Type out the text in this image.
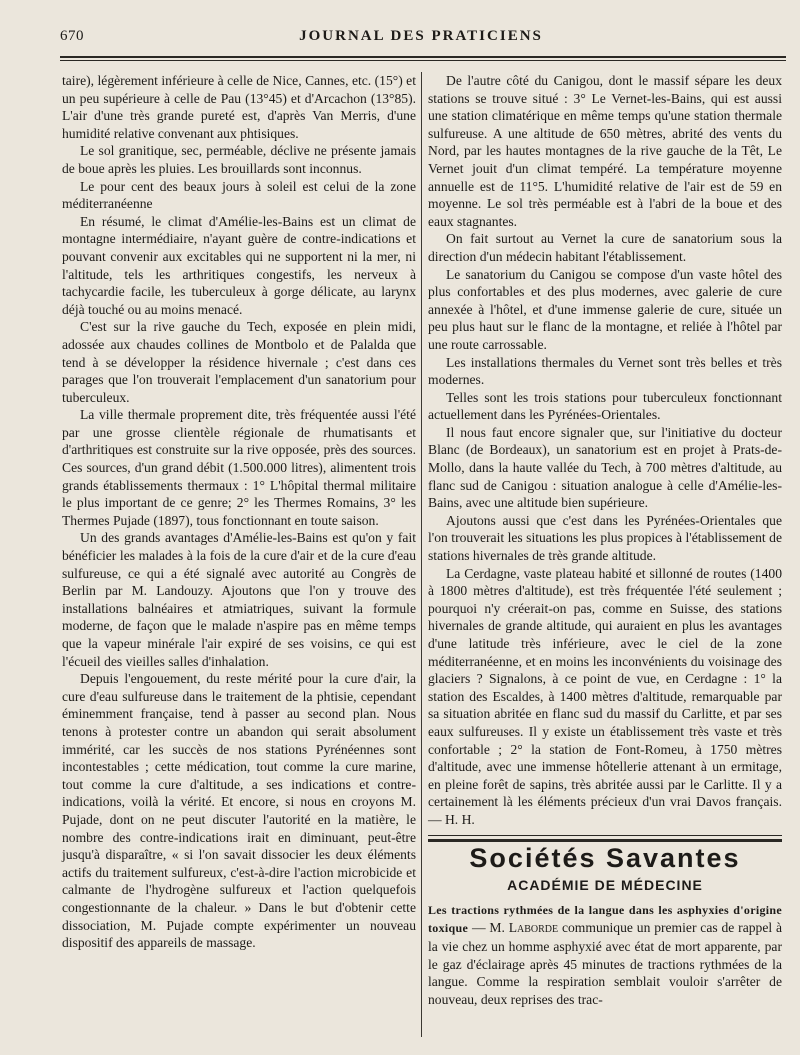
670	JOURNAL DES PRATICIENS

taire), légèrement inférieure à celle de Nice, Cannes, etc. (15°) et un peu supérieure à celle de Pau (13°45) et d'Arcachon (13°85). L'air d'une très grande pureté est, d'après Van Merris, d'une humidité relative convenant aux phtisiques.

Le sol granitique, sec, perméable, déclive ne présente jamais de boue après les pluies. Les brouillards sont inconnus.

Le pour cent des beaux jours à soleil est celui de la zone méditerranéenne

En résumé, le climat d'Amélie-les-Bains est un climat de montagne intermédiaire, n'ayant guère de contre-indications et pouvant convenir aux excitables qui ne supportent ni la mer, ni l'altitude, tels les arthritiques congestifs, les nerveux à tachycardie facile, les tuberculeux à gorge délicate, au larynx déjà touché ou au moins menacé.

C'est sur la rive gauche du Tech, exposée en plein midi, adossée aux chaudes collines de Montbolo et de Palalda que tend à se développer la résidence hivernale ; c'est dans ces parages que l'on trouverait l'emplacement d'un sanatorium pour tuberculeux.

La ville thermale proprement dite, très fréquentée aussi l'été par une grosse clientèle régionale de rhumatisants et d'arthritiques est construite sur la rive opposée, près des sources. Ces sources, d'un grand débit (1.500.000 litres), alimentent trois grands établissements thermaux : 1° L'hôpital thermal militaire le plus important de ce genre; 2° les Thermes Romains, 3° les Thermes Pujade (1897), tous fonctionnant en toute saison.

Un des grands avantages d'Amélie-les-Bains est qu'on y fait bénéficier les malades à la fois de la cure d'air et de la cure d'eau sulfureuse, ce qui a été signalé avec autorité au Congrès de Berlin par M. Landouzy. Ajoutons que l'on y trouve des installations balnéaires et atmiatriques, suivant la formule moderne, de façon que le malade n'aspire pas en même temps que la vapeur minérale l'air expiré de ses voisins, ce qui est l'écueil des vieilles salles d'inhalation.

Depuis l'engouement, du reste mérité pour la cure d'air, la cure d'eau sulfureuse dans le traitement de la phtisie, cependant éminemment française, tend à passer au second plan. Nous tenons à protester contre un abandon qui serait absolument immérité, car les succès de nos stations Pyrénéennes sont incontestables ; cette médication, tout comme la cure marine, tout comme la cure d'altitude, a ses indications et contre-indications, voilà la vérité. Et encore, si nous en croyons M. Pujade, dont on ne peut discuter l'autorité en la matière, le nombre des contre-indications irait en diminuant, peut-être jusqu'à disparaître, « si l'on savait dissocier les deux éléments actifs du traitement sulfureux, c'est-à-dire l'action microbicide et calmante de l'hydrogène sulfureux et l'action quelquefois congestionnante de la chaleur. » Dans le but d'obtenir cette dissociation, M. Pujade compte expérimenter un nouveau dispositif des appareils de massage.

De l'autre côté du Canigou, dont le massif sépare les deux stations se trouve situé : 3° Le Vernet-les-Bains, qui est aussi une station climatérique en même temps qu'une station thermale sulfureuse. A une altitude de 650 mètres, abrité des vents du Nord, par les hautes montagnes de la rive gauche de la Têt, Le Vernet jouit d'un climat tempéré. La température moyenne annuelle est de 11°5. L'humidité relative de l'air est de 59 en moyenne. Le sol très perméable est à l'abri de la boue et des eaux stagnantes.

On fait surtout au Vernet la cure de sanatorium sous la direction d'un médecin habitant l'établissement.

Le sanatorium du Canigou se compose d'un vaste hôtel des plus confortables et des plus modernes, avec galerie de cure annexée à l'hôtel, et d'une immense galerie de cure, située un peu plus haut sur le flanc de la montagne, et reliée à l'hôtel par une route carrossable.

Les installations thermales du Vernet sont très belles et très modernes.

Telles sont les trois stations pour tuberculeux fonctionnant actuellement dans les Pyrénées-Orientales.

Il nous faut encore signaler que, sur l'initiative du docteur Blanc (de Bordeaux), un sanatorium est en projet à Prats-de-Mollo, dans la haute vallée du Tech, à 700 mètres d'altitude, au flanc sud de Canigou : situation analogue à celle d'Amélie-les-Bains, avec une altitude bien supérieure.

Ajoutons aussi que c'est dans les Pyrénées-Orientales que l'on trouverait les situations les plus propices à l'établissement de stations hivernales de très grande altitude.

La Cerdagne, vaste plateau habité et sillonné de routes (1400 à 1800 mètres d'altitude), est très fréquentée l'été seulement ; pourquoi n'y créerait-on pas, comme en Suisse, des stations hivernales de grande altitude, qui auraient en plus les avantages d'une latitude très inférieure, avec le ciel de la zone méditerranéenne, et en moins les inconvénients du voisinage des glaciers ? Signalons, à ce point de vue, en Cerdagne : 1° la station des Escaldes, à 1400 mètres d'altitude, remarquable par sa situation abritée en flanc sud du massif du Carlitte, et par ses eaux sulfureuses. Il y existe un établissement très vaste et très confortable ; 2° la station de Font-Romeu, à 1750 mètres d'altitude, avec une immense hôtellerie attenant à un ermitage, en pleine forêt de sapins, très abritée aussi par le Carlitte. Il y a certainement là les éléments précieux d'un vrai Davos français. — H. H.

Sociétés Savantes
ACADÉMIE DE MÉDECINE

Les tractions rythmées de la langue dans les asphyxies d'origine toxique — M. Laborde communique un premier cas de rappel à la vie chez un homme asphyxié avec état de mort apparente, par le gaz d'éclairage après 45 minutes de tractions rythmées de la langue. Comme la respiration semblait vouloir s'arrêter de nouveau, deux reprises des trac-
